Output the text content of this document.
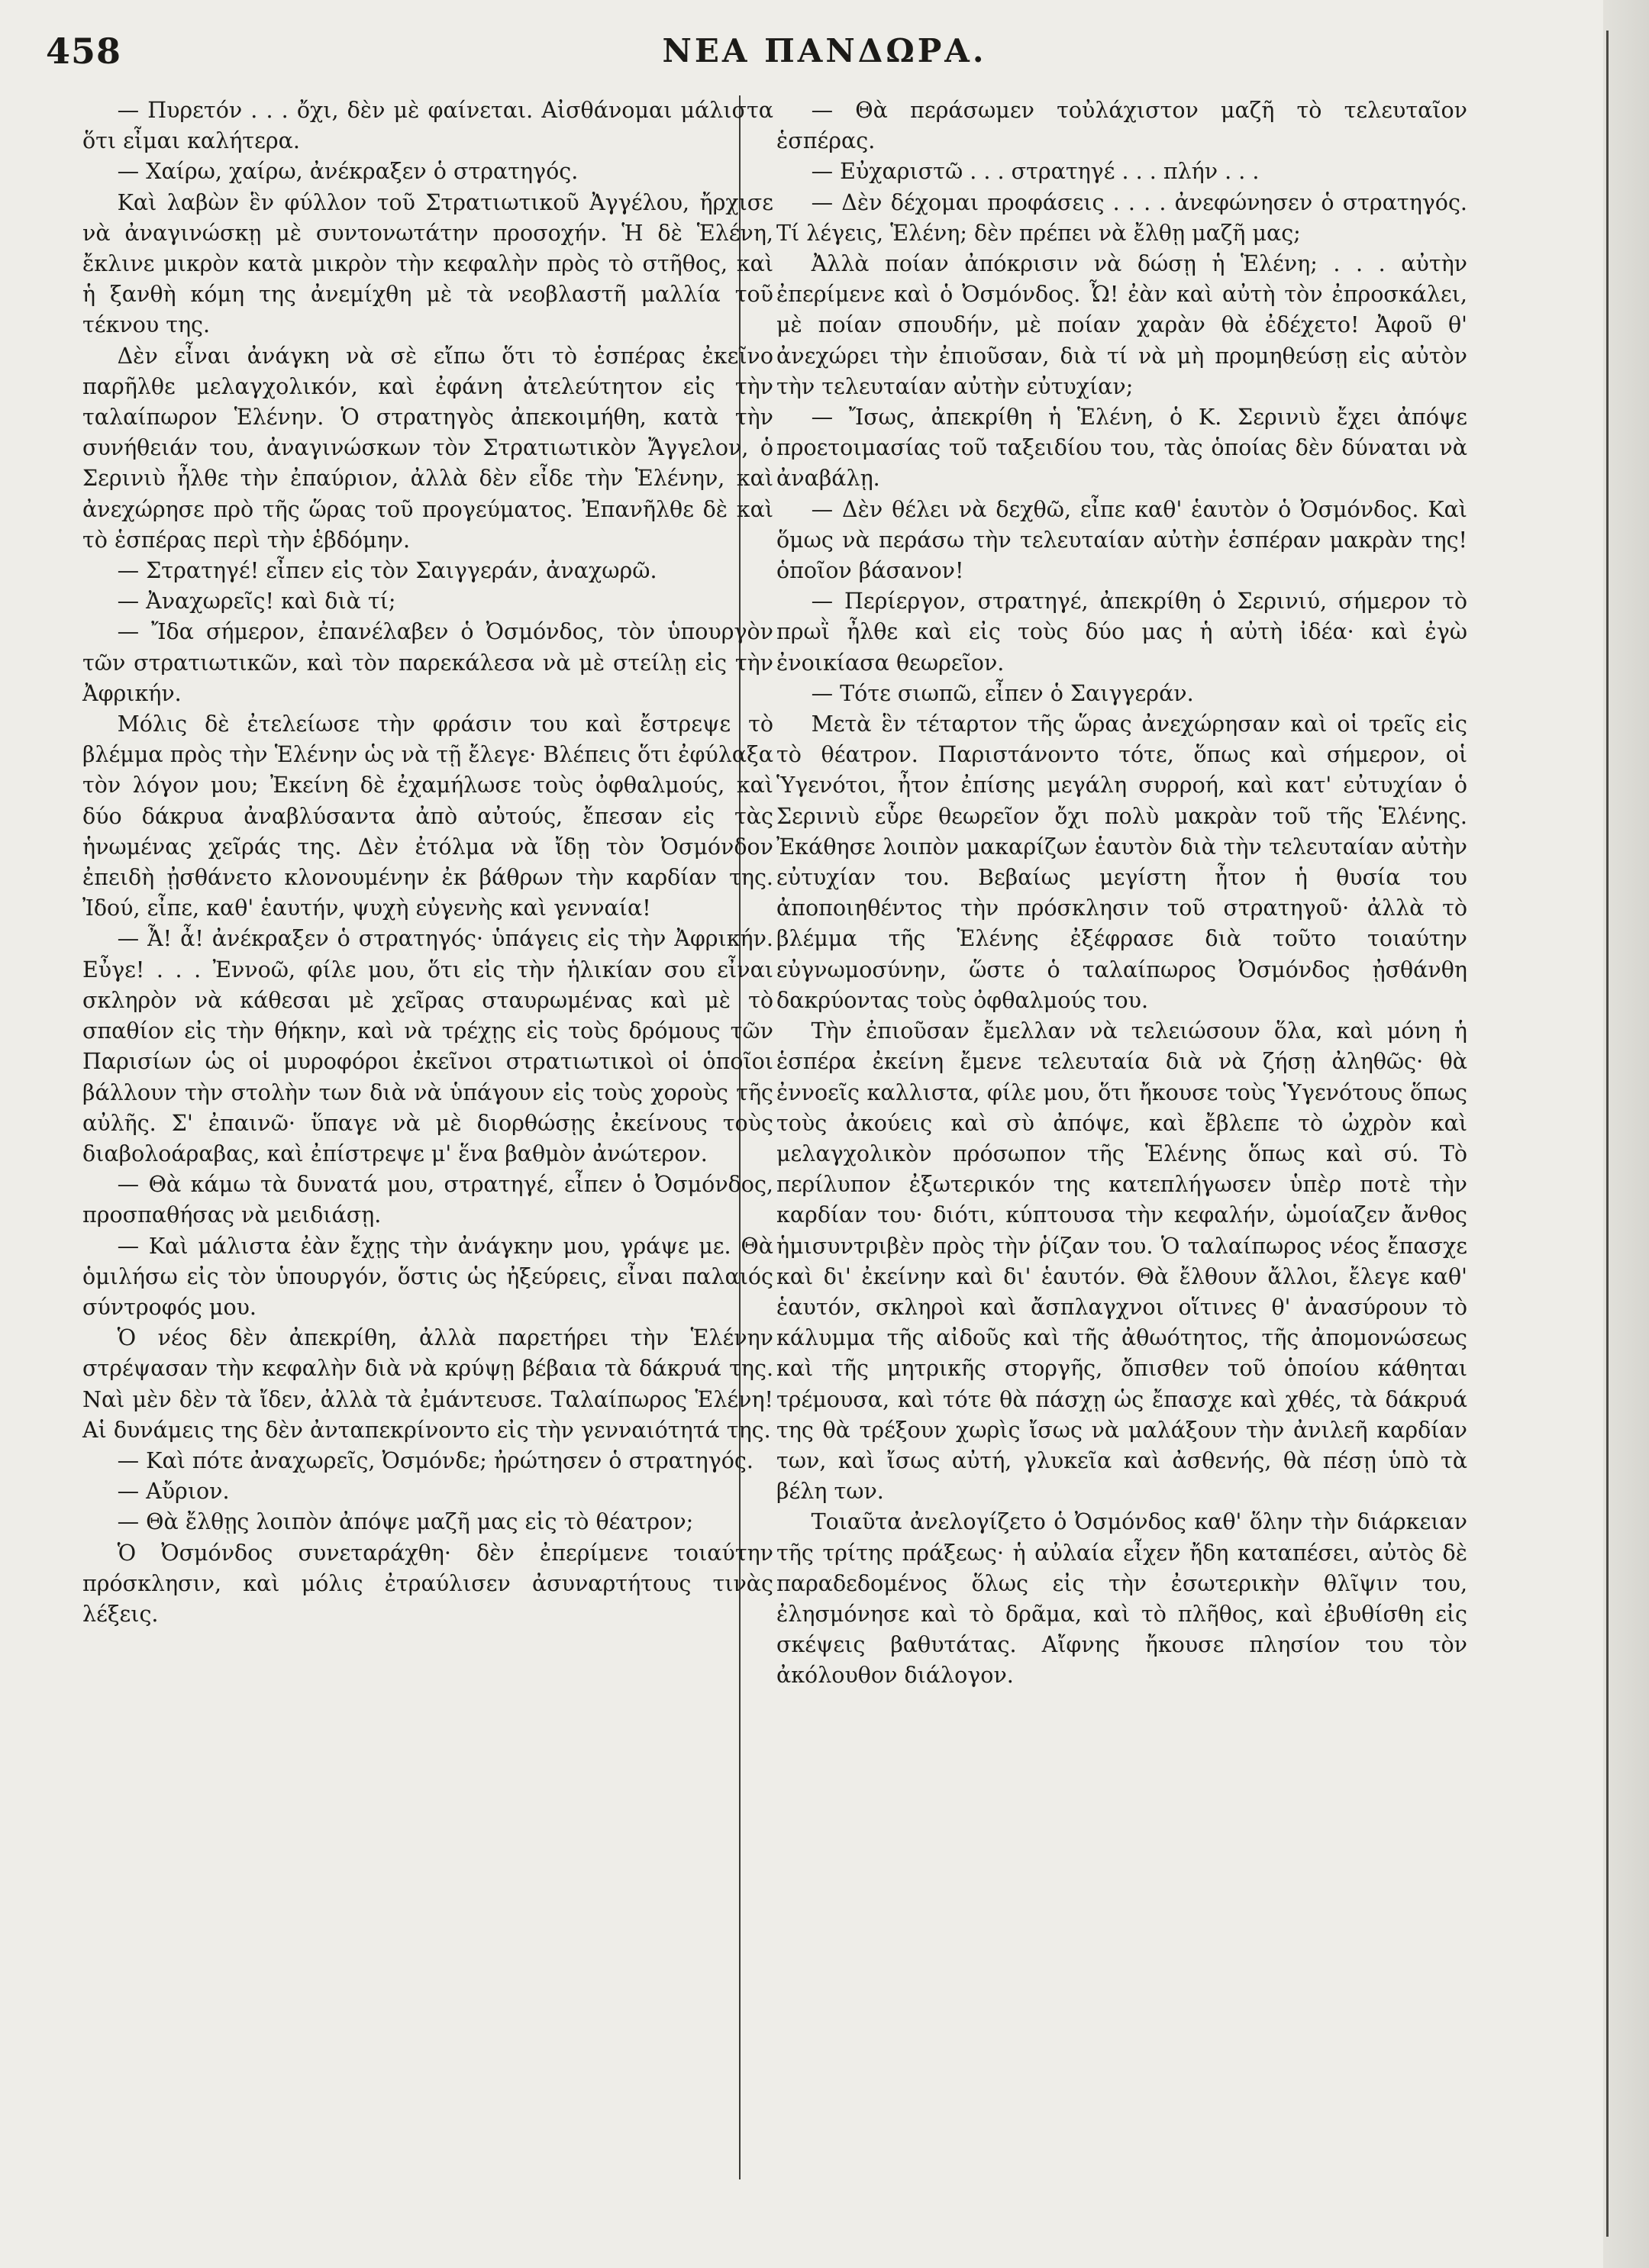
458	ΝΕΑ ΠΑΝΔΩΡΑ.

— Πυρετόν . . . ὄχι, δὲν μὲ φαίνεται. Αἰσθάνομαι μάλιστα ὅτι εἶμαι καλήτερα.

— Χαίρω, χαίρω, ἀνέκραξεν ὁ στρατηγός.

Καὶ λαβὼν ἓν φύλλον τοῦ Στρατιωτικοῦ Ἀγγέλου, ἤρχισε νὰ ἀναγινώσκῃ μὲ συντονωτάτην προσοχήν. Ἡ δὲ Ἑλένη, ἔκλινε μικρὸν κατὰ μικρὸν τὴν κεφαλὴν πρὸς τὸ στῆθος, καὶ ἡ ξανθὴ κόμη της ἀνεμίχθη μὲ τὰ νεοβλαστῆ μαλλία τοῦ τέκνου της.

Δὲν εἶναι ἀνάγκη νὰ σὲ εἴπω ὅτι τὸ ἑσπέρας ἐκεῖνο παρῆλθε μελαγχολικόν, καὶ ἐφάνη ἀτελεύτητον εἰς τὴν ταλαίπωρον Ἑλένην. Ὁ στρατηγὸς ἀπεκοιμήθη, κατὰ τὴν συνήθειάν του, ἀναγινώσκων τὸν Στρατιωτικὸν Ἄγγελον, ὁ Σερινιὺ ἦλθε τὴν ἐπαύριον, ἀλλὰ δὲν εἶδε τὴν Ἑλένην, καὶ ἀνεχώρησε πρὸ τῆς ὥρας τοῦ προγεύματος. Ἐπανῆλθε δὲ καὶ τὸ ἑσπέρας περὶ τὴν ἑβδόμην.

— Στρατηγέ! εἶπεν εἰς τὸν Σαιγγεράν, ἀναχωρῶ.

— Ἀναχωρεῖς! καὶ διὰ τί;

— Ἴδα σήμερον, ἐπανέλαβεν ὁ Ὀσμόνδος, τὸν ὑπουργὸν τῶν στρατιωτικῶν, καὶ τὸν παρεκάλεσα νὰ μὲ στείλῃ εἰς τὴν Ἀφρικήν.

Μόλις δὲ ἐτελείωσε τὴν φράσιν του καὶ ἔστρεψε τὸ βλέμμα πρὸς τὴν Ἑλένην ὡς νὰ τῇ ἔλεγε· Βλέπεις ὅτι ἐφύλαξα τὸν λόγον μου; Ἐκείνη δὲ ἐχαμήλωσε τοὺς ὀφθαλμούς, καὶ δύο δάκρυα ἀναβλύσαντα ἀπὸ αὐτούς, ἔπεσαν εἰς τὰς ἡνωμένας χεῖράς της. Δὲν ἐτόλμα νὰ ἴδῃ τὸν Ὀσμόνδον ἐπειδὴ ᾐσθάνετο κλονουμένην ἐκ βάθρων τὴν καρδίαν της. Ἰδού, εἶπε, καθ' ἑαυτήν, ψυχὴ εὐγενὴς καὶ γενναία!

— Ἆ! ἆ! ἀνέκραξεν ὁ στρατηγός· ὑπάγεις εἰς τὴν Ἀφρικήν. Εὖγε! . . . Ἐννοῶ, φίλε μου, ὅτι εἰς τὴν ἡλικίαν σου εἶναι σκληρὸν νὰ κάθεσαι μὲ χεῖρας σταυρωμένας καὶ μὲ τὸ σπαθίον εἰς τὴν θήκην, καὶ νὰ τρέχῃς εἰς τοὺς δρόμους τῶν Παρισίων ὡς οἱ μυροφόροι ἐκεῖνοι στρατιωτικοὶ οἱ ὁποῖοι βάλλουν τὴν στολὴν των διὰ νὰ ὑπάγουν εἰς τοὺς χοροὺς τῆς αὐλῆς. Σ' ἐπαινῶ· ὕπαγε νὰ μὲ διορθώσῃς ἐκείνους τοὺς διαβολοάραβας, καὶ ἐπίστρεψε μ' ἕνα βαθμὸν ἀνώτερον.

— Θὰ κάμω τὰ δυνατά μου, στρατηγέ, εἶπεν ὁ Ὀσμόνδος, προσπαθήσας νὰ μειδιάσῃ.

— Καὶ μάλιστα ἐὰν ἔχῃς τὴν ἀνάγκην μου, γράψε με. Θὰ ὁμιλήσω εἰς τὸν ὑπουργόν, ὅστις ὡς ἠξεύρεις, εἶναι παλαιός σύντροφός μου.

Ὁ νέος δὲν ἀπεκρίθη, ἀλλὰ παρετήρει τὴν Ἑλένην στρέψασαν τὴν κεφαλὴν διὰ νὰ κρύψῃ βέβαια τὰ δάκρυά της. Ναὶ μὲν δὲν τὰ ἴδεν, ἀλλὰ τὰ ἐμάντευσε. Ταλαίπωρος Ἑλένη! Αἱ δυνάμεις της δὲν ἀνταπεκρίνοντο εἰς τὴν γενναιότητά της.

— Καὶ πότε ἀναχωρεῖς, Ὀσμόνδε; ἠρώτησεν ὁ στρατηγός.

— Αὔριον.

— Θὰ ἔλθῃς λοιπὸν ἀπόψε μαζῆ μας εἰς τὸ θέατρον;

Ὁ Ὀσμόνδος συνεταράχθη· δὲν ἐπερίμενε τοιαύτην πρόσκλησιν, καὶ μόλις ἐτραύλισεν ἀσυναρτήτους τινὰς λέξεις.

— Θὰ περάσωμεν τοὐλάχιστον μαζῆ τὸ τελευταῖον ἑσπέρας.

— Εὐχαριστῶ . . . στρατηγέ . . . πλήν . . .

— Δὲν δέχομαι προφάσεις . . . . ἀνεφώνησεν ὁ στρατηγός. Τί λέγεις, Ἑλένη; δὲν πρέπει νὰ ἔλθῃ μαζῆ μας;

Ἀλλὰ ποίαν ἀπόκρισιν νὰ δώσῃ ἡ Ἑλένη; . . . αὐτὴν ἐπερίμενε καὶ ὁ Ὀσμόνδος. Ὦ! ἐὰν καὶ αὐτὴ τὸν ἐπροσκάλει, μὲ ποίαν σπουδήν, μὲ ποίαν χαρὰν θὰ ἐδέχετο! Ἀφοῦ θ' ἀνεχώρει τὴν ἐπιοῦσαν, διὰ τί νὰ μὴ προμηθεύσῃ εἰς αὐτὸν τὴν τελευταίαν αὐτὴν εὐτυχίαν;

— Ἴσως, ἀπεκρίθη ἡ Ἑλένη, ὁ Κ. Σερινιὺ ἔχει ἀπόψε προετοιμασίας τοῦ ταξειδίου του, τὰς ὁποίας δὲν δύναται νὰ ἀναβάλῃ.

— Δὲν θέλει νὰ δεχθῶ, εἶπε καθ' ἑαυτὸν ὁ Ὀσμόνδος. Καὶ ὅμως νὰ περάσω τὴν τελευταίαν αὐτὴν ἑσπέραν μακρὰν της! ὁποῖον βάσανον!

— Περίεργον, στρατηγέ, ἀπεκρίθη ὁ Σερινιύ, σήμερον τὸ πρωῒ ἦλθε καὶ εἰς τοὺς δύο μας ἡ αὐτὴ ἰδέα· καὶ ἐγὼ ἐνοικίασα θεωρεῖον.

— Τότε σιωπῶ, εἶπεν ὁ Σαιγγεράν.

Μετὰ ἓν τέταρτον τῆς ὥρας ἀνεχώρησαν καὶ οἱ τρεῖς εἰς τὸ θέατρον. Παριστάνοντο τότε, ὅπως καὶ σήμερον, οἱ Ὑγενότοι, ἦτον ἐπίσης μεγάλη συρροή, καὶ κατ' εὐτυχίαν ὁ Σερινιὺ εὗρε θεωρεῖον ὄχι πολὺ μακρὰν τοῦ τῆς Ἑλένης. Ἐκάθησε λοιπὸν μακαρίζων ἑαυτὸν διὰ τὴν τελευταίαν αὐτὴν εὐτυχίαν του. Βεβαίως μεγίστη ἦτον ἡ θυσία του ἀποποιηθέντος τὴν πρόσκλησιν τοῦ στρατηγοῦ· ἀλλὰ τὸ βλέμμα τῆς Ἑλένης ἐξέφρασε διὰ τοῦτο τοιαύτην εὐγνωμοσύνην, ὥστε ὁ ταλαίπωρος Ὀσμόνδος ᾐσθάνθη δακρύοντας τοὺς ὀφθαλμούς του.

Τὴν ἐπιοῦσαν ἔμελλαν νὰ τελειώσουν ὅλα, καὶ μόνη ἡ ἑσπέρα ἐκείνη ἔμενε τελευταία διὰ νὰ ζήσῃ ἀληθῶς· θὰ ἐννοεῖς καλλιστα, φίλε μου, ὅτι ἤκουσε τοὺς Ὑγενότους ὅπως τοὺς ἀκούεις καὶ σὺ ἀπόψε, καὶ ἔβλεπε τὸ ὠχρὸν καὶ μελαγχολικὸν πρόσωπον τῆς Ἑλένης ὅπως καὶ σύ. Τὸ περίλυπον ἐξωτερικόν της κατεπλήγωσεν ὑπὲρ ποτὲ τὴν καρδίαν του· διότι, κύπτουσα τὴν κεφαλήν, ὡμοίαζεν ἄνθος ἡμισυντριβὲν πρὸς τὴν ῥίζαν του. Ὁ ταλαίπωρος νέος ἔπασχε καὶ δι' ἐκείνην καὶ δι' ἑαυτόν. Θὰ ἔλθουν ἄλλοι, ἔλεγε καθ' ἑαυτόν, σκληροὶ καὶ ἄσπλαγχνοι οἵτινες θ' ἀνασύρουν τὸ κάλυμμα τῆς αἰδοῦς καὶ τῆς ἀθωότητος, τῆς ἀπομονώσεως καὶ τῆς μητρικῆς στοργῆς, ὄπισθεν τοῦ ὁποίου κάθηται τρέμουσα, καὶ τότε θὰ πάσχῃ ὡς ἔπασχε καὶ χθές, τὰ δάκρυά της θὰ τρέξουν χωρὶς ἴσως νὰ μαλάξουν τὴν ἀνιλεῆ καρδίαν των, καὶ ἴσως αὐτή, γλυκεῖα καὶ ἀσθενής, θὰ πέσῃ ὑπὸ τὰ βέλη των.

Τοιαῦτα ἀνελογίζετο ὁ Ὀσμόνδος καθ' ὅλην τὴν διάρκειαν τῆς τρίτης πράξεως· ἡ αὐλαία εἶχεν ἤδη καταπέσει, αὐτὸς δὲ παραδεδομένος ὅλως εἰς τὴν ἐσωτερικὴν θλῖψιν του, ἐλησμόνησε καὶ τὸ δρᾶμα, καὶ τὸ πλῆθος, καὶ ἐβυθίσθη εἰς σκέψεις βαθυτάτας. Αἴφνης ἤκουσε πλησίον του τὸν ἀκόλουθον διάλογον.
